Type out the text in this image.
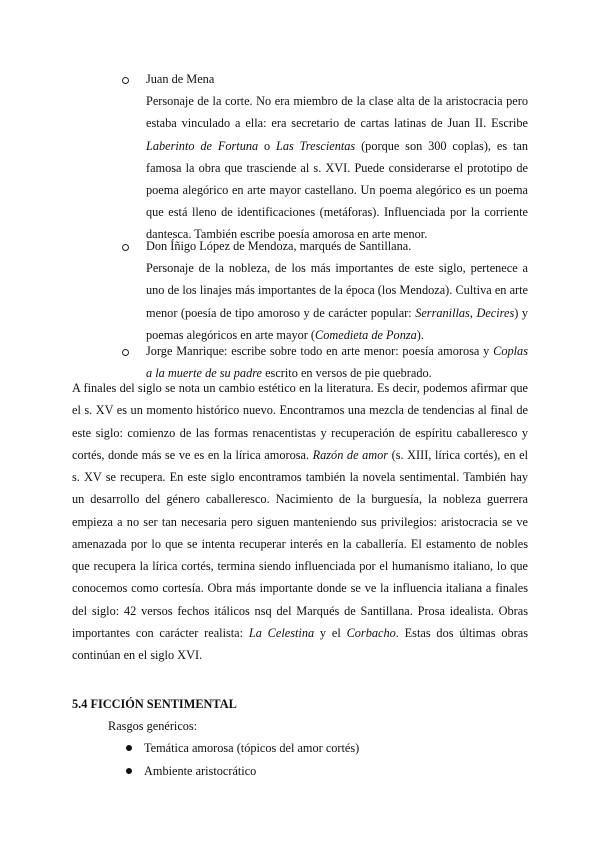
Juan de Mena
Personaje de la corte. No era miembro de la clase alta de la aristocracia pero estaba vinculado a ella: era secretario de cartas latinas de Juan II. Escribe Laberinto de Fortuna o Las Trescientas (porque son 300 coplas), es tan famosa la obra que trasciende al s. XVI. Puede considerarse el prototipo de poema alegórico en arte mayor castellano. Un poema alegórico es un poema que está lleno de identificaciones (metáforas). Influenciada por la corriente dantesca. También escribe poesía amorosa en arte menor.
Don Íñigo López de Mendoza, marqués de Santillana.
Personaje de la nobleza, de los más importantes de este siglo, pertenece a uno de los linajes más importantes de la época (los Mendoza). Cultiva en arte menor (poesía de tipo amoroso y de carácter popular: Serranillas, Decires) y poemas alegóricos en arte mayor (Comedieta de Ponza).
Jorge Manrique: escribe sobre todo en arte menor: poesía amorosa y Coplas a la muerte de su padre escrito en versos de pie quebrado.
A finales del siglo se nota un cambio estético en la literatura. Es decir, podemos afirmar que el s. XV es un momento histórico nuevo. Encontramos una mezcla de tendencias al final de este siglo: comienzo de las formas renacentistas y recuperación de espíritu caballeresco y cortés, donde más se ve es en la lírica amorosa. Razón de amor (s. XIII, lírica cortés), en el s. XV se recupera. En este siglo encontramos también la novela sentimental. También hay un desarrollo del género caballeresco. Nacimiento de la burguesía, la nobleza guerrera empieza a no ser tan necesaria pero siguen manteniendo sus privilegios: aristocracia se ve amenazada por lo que se intenta recuperar interés en la caballería. El estamento de nobles que recupera la lírica cortés, termina siendo influenciada por el humanismo italiano, lo que conocemos como cortesía. Obra más importante donde se ve la influencia italiana a finales del siglo: 42 versos fechos itálicos nsq del Marqués de Santillana. Prosa idealista. Obras importantes con carácter realista: La Celestina y el Corbacho. Estas dos últimas obras continúan en el siglo XVI.
5.4 FICCIÓN SENTIMENTAL
Rasgos genéricos:
Temática amorosa (tópicos del amor cortés)
Ambiente aristocrático
